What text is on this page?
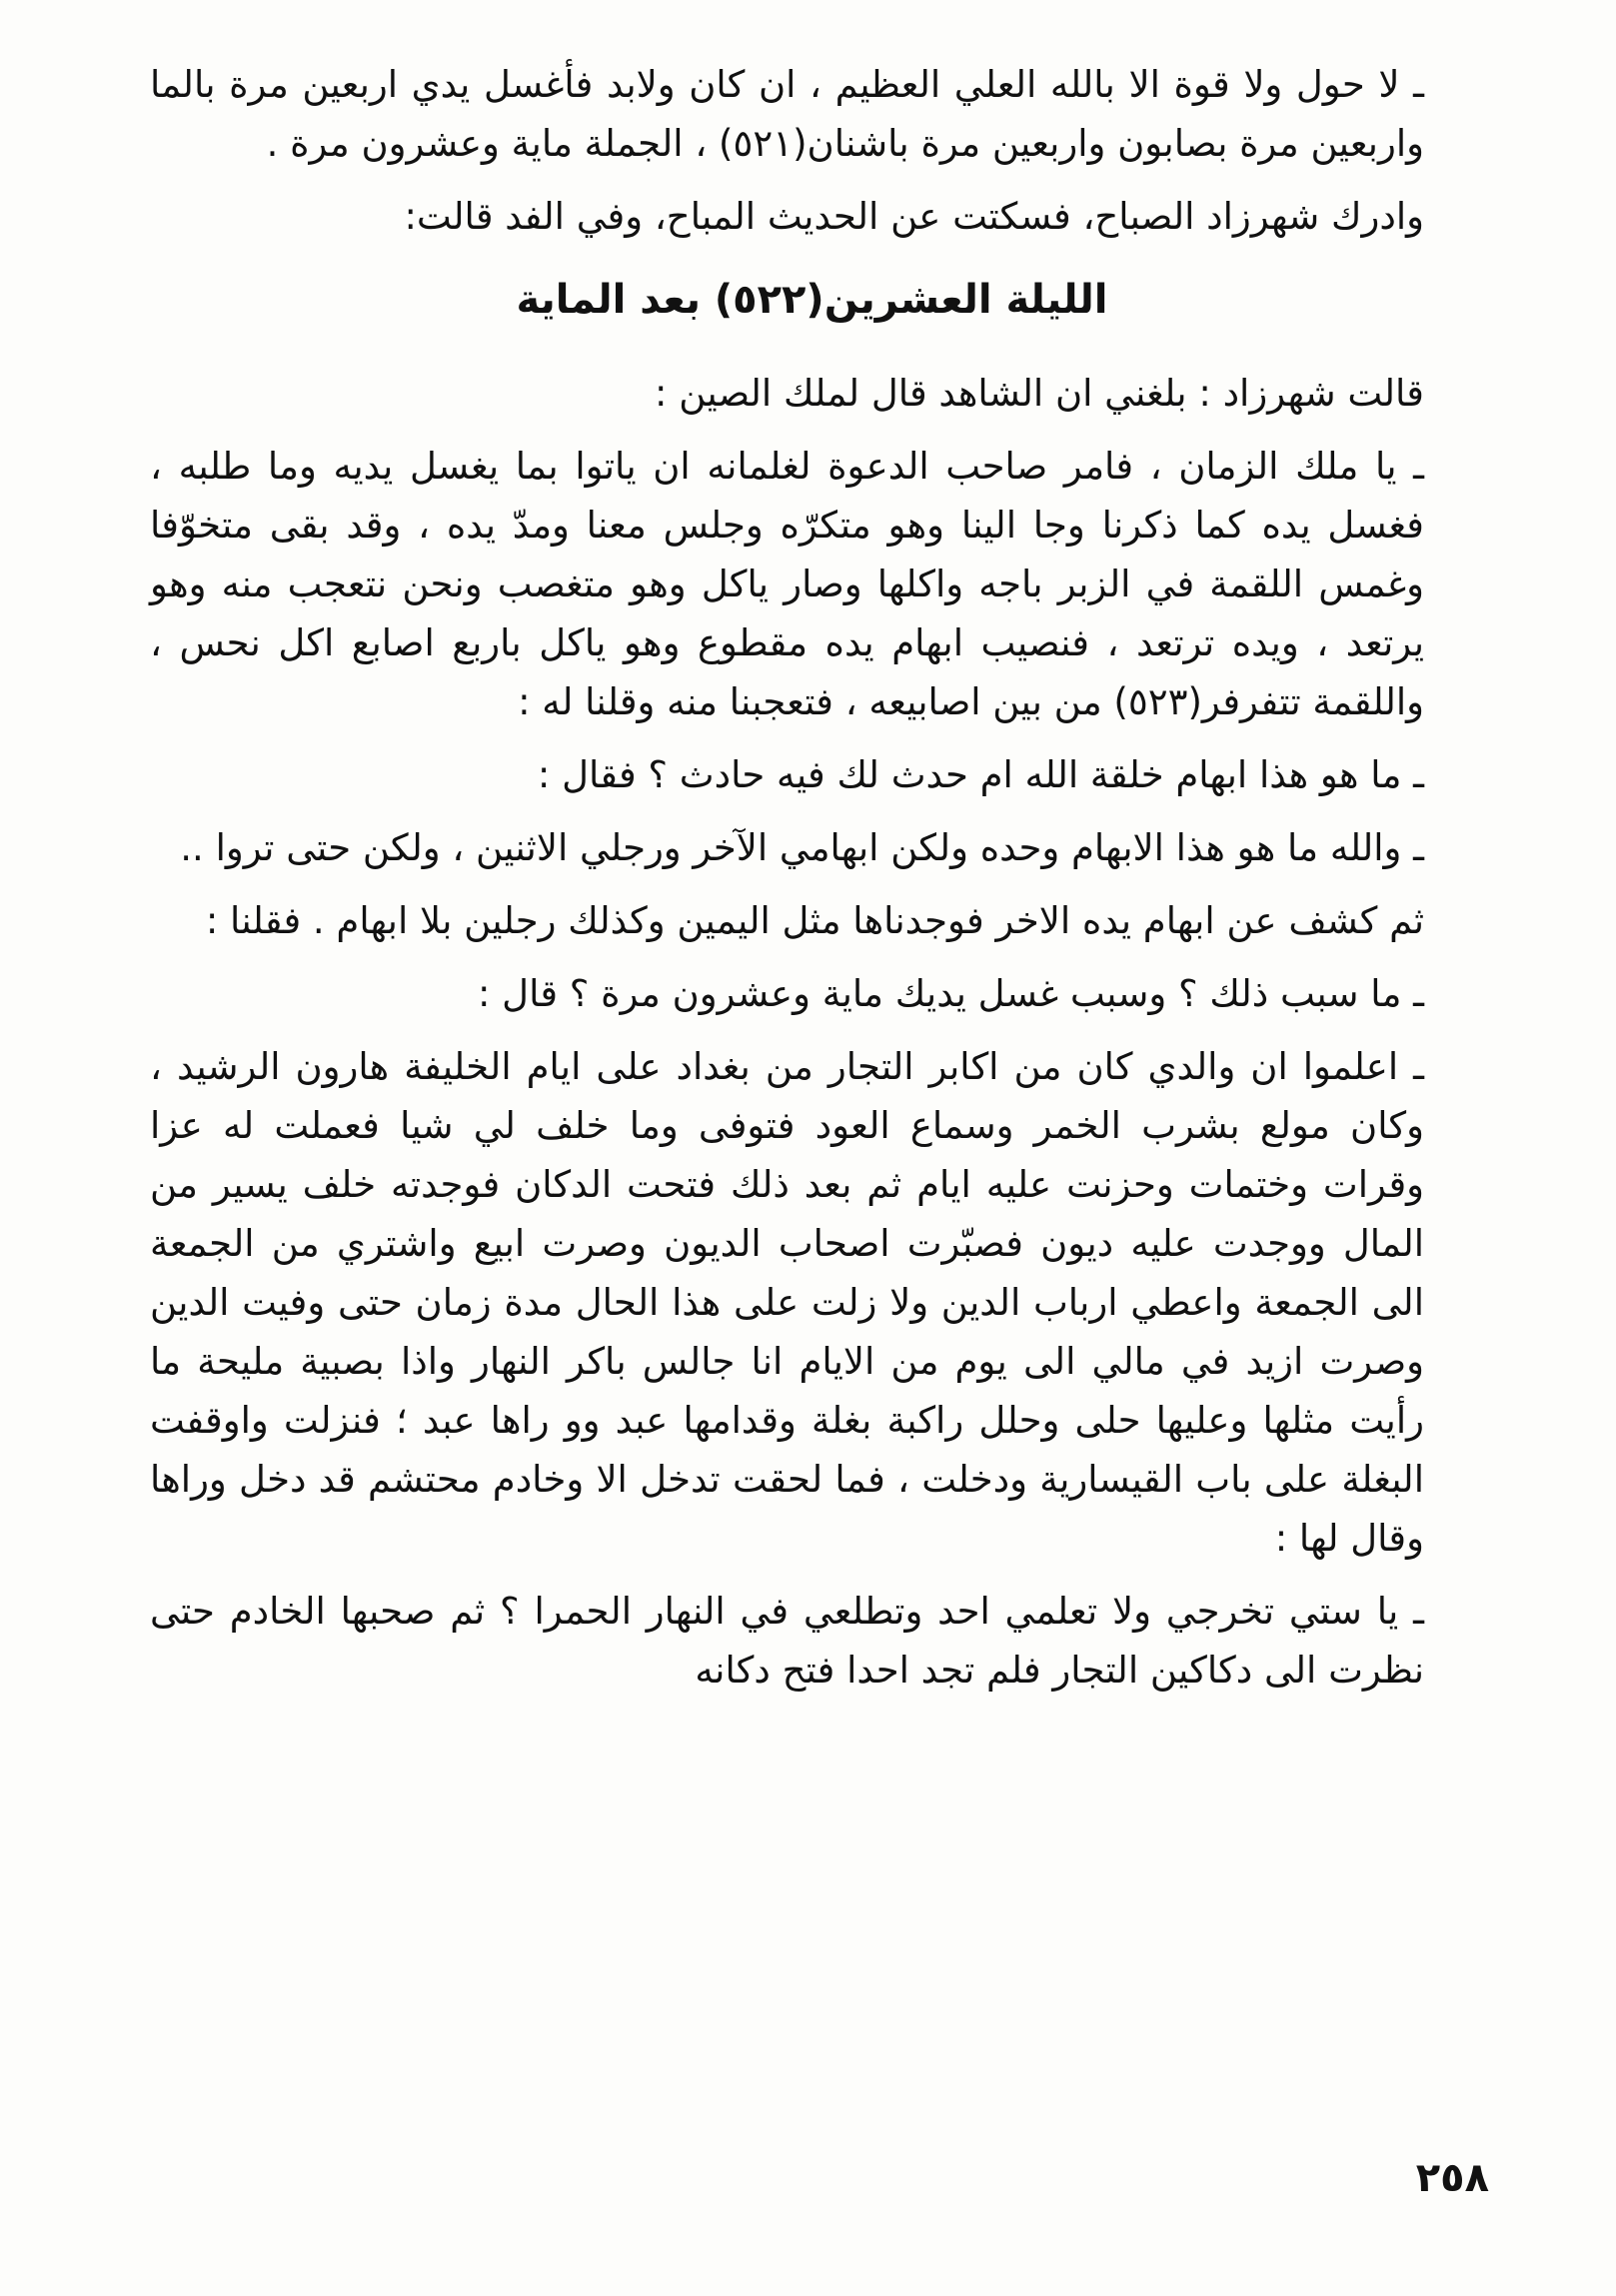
ـ لا حول ولا قوة الا بالله العلي العظيم ، ان كان ولابد فأغسل يدي اربعين مرة بالما واربعين مرة بصابون واربعين مرة باشنان(٥٢١) ، الجملة ماية وعشرون مرة .

وادرك شهرزاد الصباح، فسكتت عن الحديث المباح، وفي الفد قالت:

الليلة العشرين(٥٢٢) بعد الماية

قالت شهرزاد : بلغني ان الشاهد قال لملك الصين :

ـ يا ملك الزمان ، فامر صاحب الدعوة لغلمانه ان ياتوا بما يغسل يديه وما طلبه ، فغسل يده كما ذكرنا وجا الينا وهو متكرّه وجلس معنا ومدّ يده ، وقد بقى متخوّفا وغمس اللقمة في الزبر باجه واكلها وصار ياكل وهو متغصب ونحن نتعجب منه وهو يرتعد ، ويده ترتعد ، فنصيب ابهام يده مقطوع وهو ياكل باربع اصابع اكل نحس ، واللقمة تتفرفر(٥٢٣) من بين اصابيعه ، فتعجبنا منه وقلنا له :

ـ ما هو هذا ابهام خلقة الله ام حدث لك فيه حادث ؟ فقال :

ـ والله ما هو هذا الابهام وحده ولكن ابهامي الآخر ورجلي الاثنين ، ولكن حتى تروا ..

ثم كشف عن ابهام يده الاخر فوجدناها مثل اليمين وكذلك رجلين بلا ابهام . فقلنا :

ـ ما سبب ذلك ؟ وسبب غسل يديك ماية وعشرون مرة ؟ قال :

ـ اعلموا ان والدي كان من اكابر التجار من بغداد على ايام الخليفة هارون الرشيد ، وكان مولع بشرب الخمر وسماع العود فتوفى وما خلف لي شيا فعملت له عزا وقرات وختمات وحزنت عليه ايام ثم بعد ذلك فتحت الدكان فوجدته خلف يسير من المال ووجدت عليه ديون فصبّرت اصحاب الديون وصرت ابيع واشتري من الجمعة الى الجمعة واعطي ارباب الدين ولا زلت على هذا الحال مدة زمان حتى وفيت الدين وصرت ازيد في مالي الى يوم من الايام انا جالس باكر النهار واذا بصبية مليحة ما رأيت مثلها وعليها حلى وحلل راكبة بغلة وقدامها عبد وو راها عبد ؛ فنزلت واوقفت البغلة على باب القيسارية ودخلت ، فما لحقت تدخل الا وخادم محتشم قد دخل وراها وقال لها :

ـ يا ستي تخرجي ولا تعلمي احد وتطلعي في النهار الحمرا ؟ ثم صحبها الخادم حتى نظرت الى دكاكين التجار فلم تجد احدا فتح دكانه

٢٥٨
